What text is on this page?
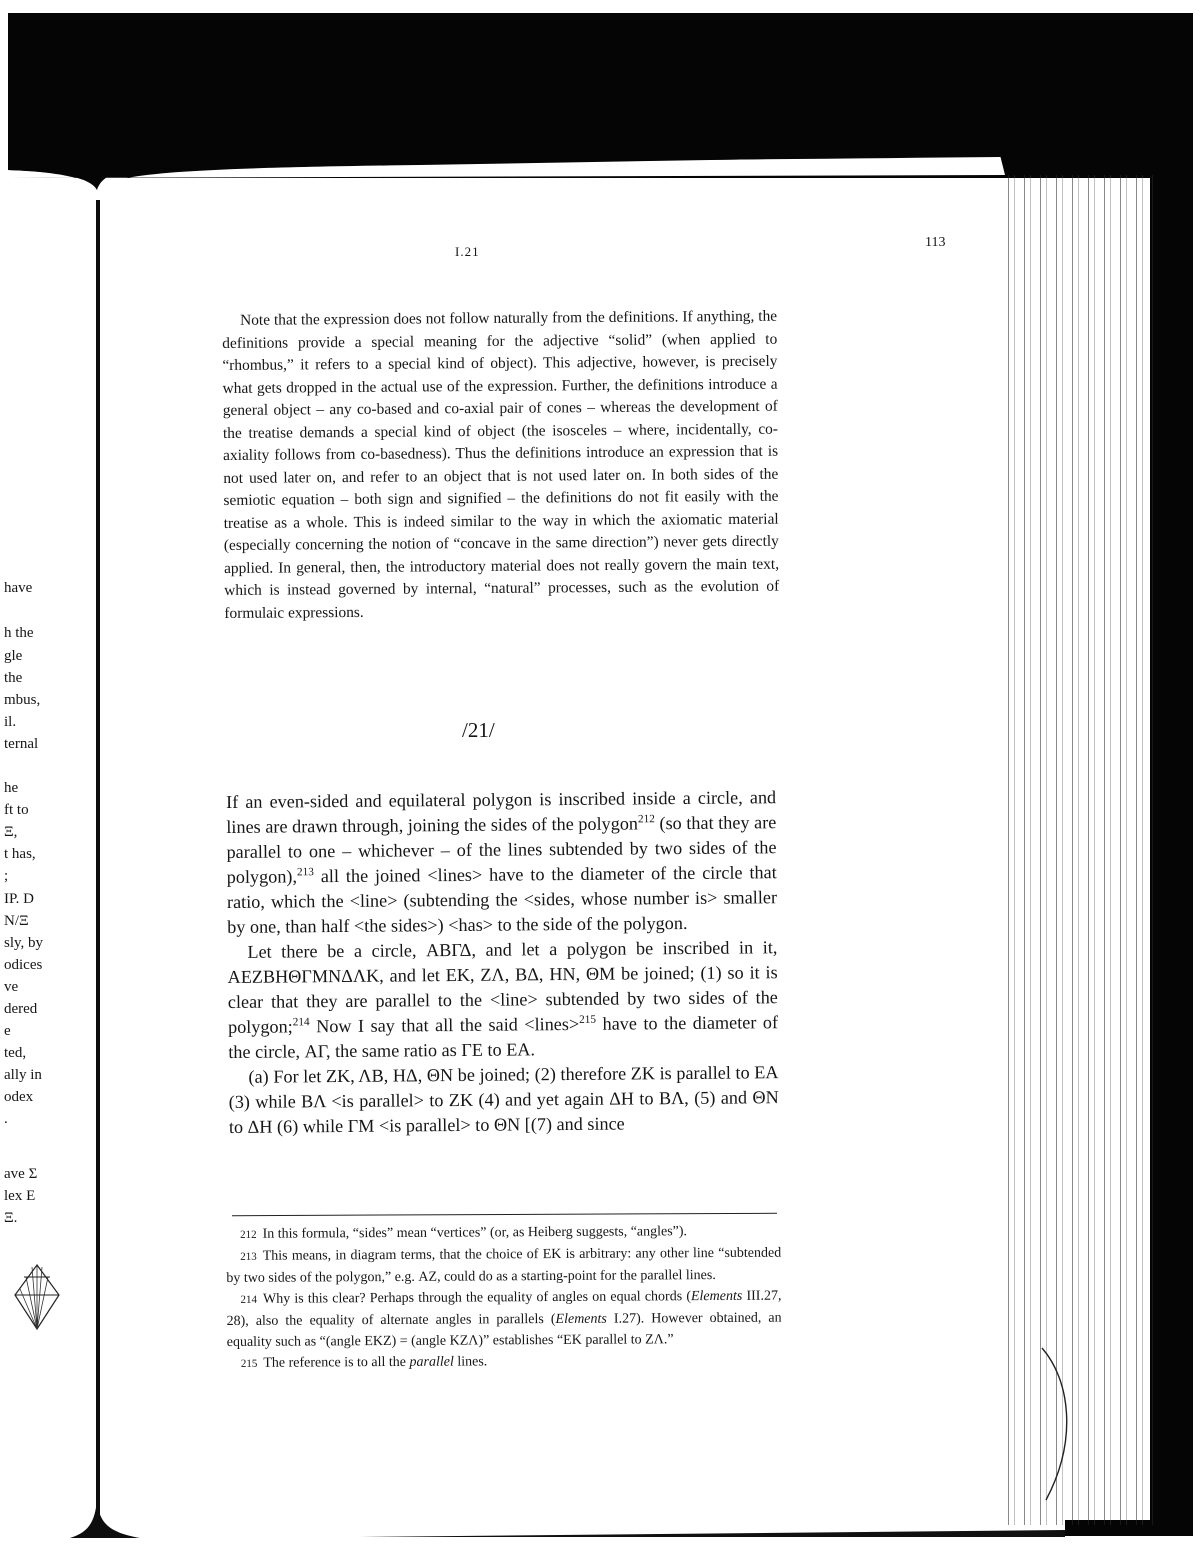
have
h the
gle
the
mbus,
il.
ternal
he
ft to
Ξ,
t has,
;
IP. D
N/Ξ
sly, by
odices
ve
dered
e
ted,
ally in
odex
.
ave Σ
lex Ε
Ξ.
I.21
113

Note that the expression does not follow naturally from the definitions. If anything, the definitions provide a special meaning for the adjective “solid” (when applied to “rhombus,” it refers to a special kind of object). This adjective, however, is precisely what gets dropped in the actual use of the expression. Further, the definitions introduce a general object – any co-based and co-axial pair of cones – whereas the development of the treatise demands a special kind of object (the isosceles – where, incidentally, co-axiality follows from co-basedness). Thus the definitions introduce an expression that is not used later on, and refer to an object that is not used later on. In both sides of the semiotic equation – both sign and signified – the definitions do not fit easily with the treatise as a whole. This is indeed similar to the way in which the axiomatic material (especially concerning the notion of “concave in the same direction”) never gets directly applied. In general, then, the introductory material does not really govern the main text, which is instead governed by internal, “natural” processes, such as the evolution of formulaic expressions.

/21/

If an even-sided and equilateral polygon is inscribed inside a circle, and lines are drawn through, joining the sides of the polygon$^{212}$ (so that they are parallel to one – whichever – of the lines subtended by two sides of the polygon),$^{213}$ all the joined <lines> have to the diameter of the circle that ratio, which the <line> (subtending the <sides, whose number is> smaller by one, than half <the sides>) <has> to the side of the polygon.

Let there be a circle, ΑΒΓΔ, and let a polygon be inscribed in it, ΑΕΖΒΗΘΓΜΝΔΛΚ, and let ΕΚ, ΖΛ, ΒΔ, ΗΝ, ΘΜ be joined; (1) so it is clear that they are parallel to the <line> subtended by two sides of the polygon;$^{214}$ Now I say that all the said <lines>$^{215}$ have to the diameter of the circle, ΑΓ, the same ratio as ΓΕ to ΕΑ.

(a) For let ΖΚ, ΛΒ, ΗΔ, ΘΝ be joined; (2) therefore ΖΚ is parallel to ΕΑ (3) while ΒΛ <is parallel> to ΖΚ (4) and yet again ΔΗ to ΒΛ, (5) and ΘΝ to ΔΗ (6) while ΓΜ <is parallel> to ΘΝ [(7) and since

212 In this formula, “sides” mean “vertices” (or, as Heiberg suggests, “angles”).

213 This means, in diagram terms, that the choice of ΕΚ is arbitrary: any other line “subtended by two sides of the polygon,” e.g. ΑΖ, could do as a starting-point for the parallel lines.

214 Why is this clear? Perhaps through the equality of angles on equal chords (Elements III.27, 28), also the equality of alternate angles in parallels (Elements I.27). However obtained, an equality such as “(angle ΕΚΖ) = (angle ΚΖΛ)” establishes “ΕΚ parallel to ΖΛ.”

215 The reference is to all the parallel lines.
